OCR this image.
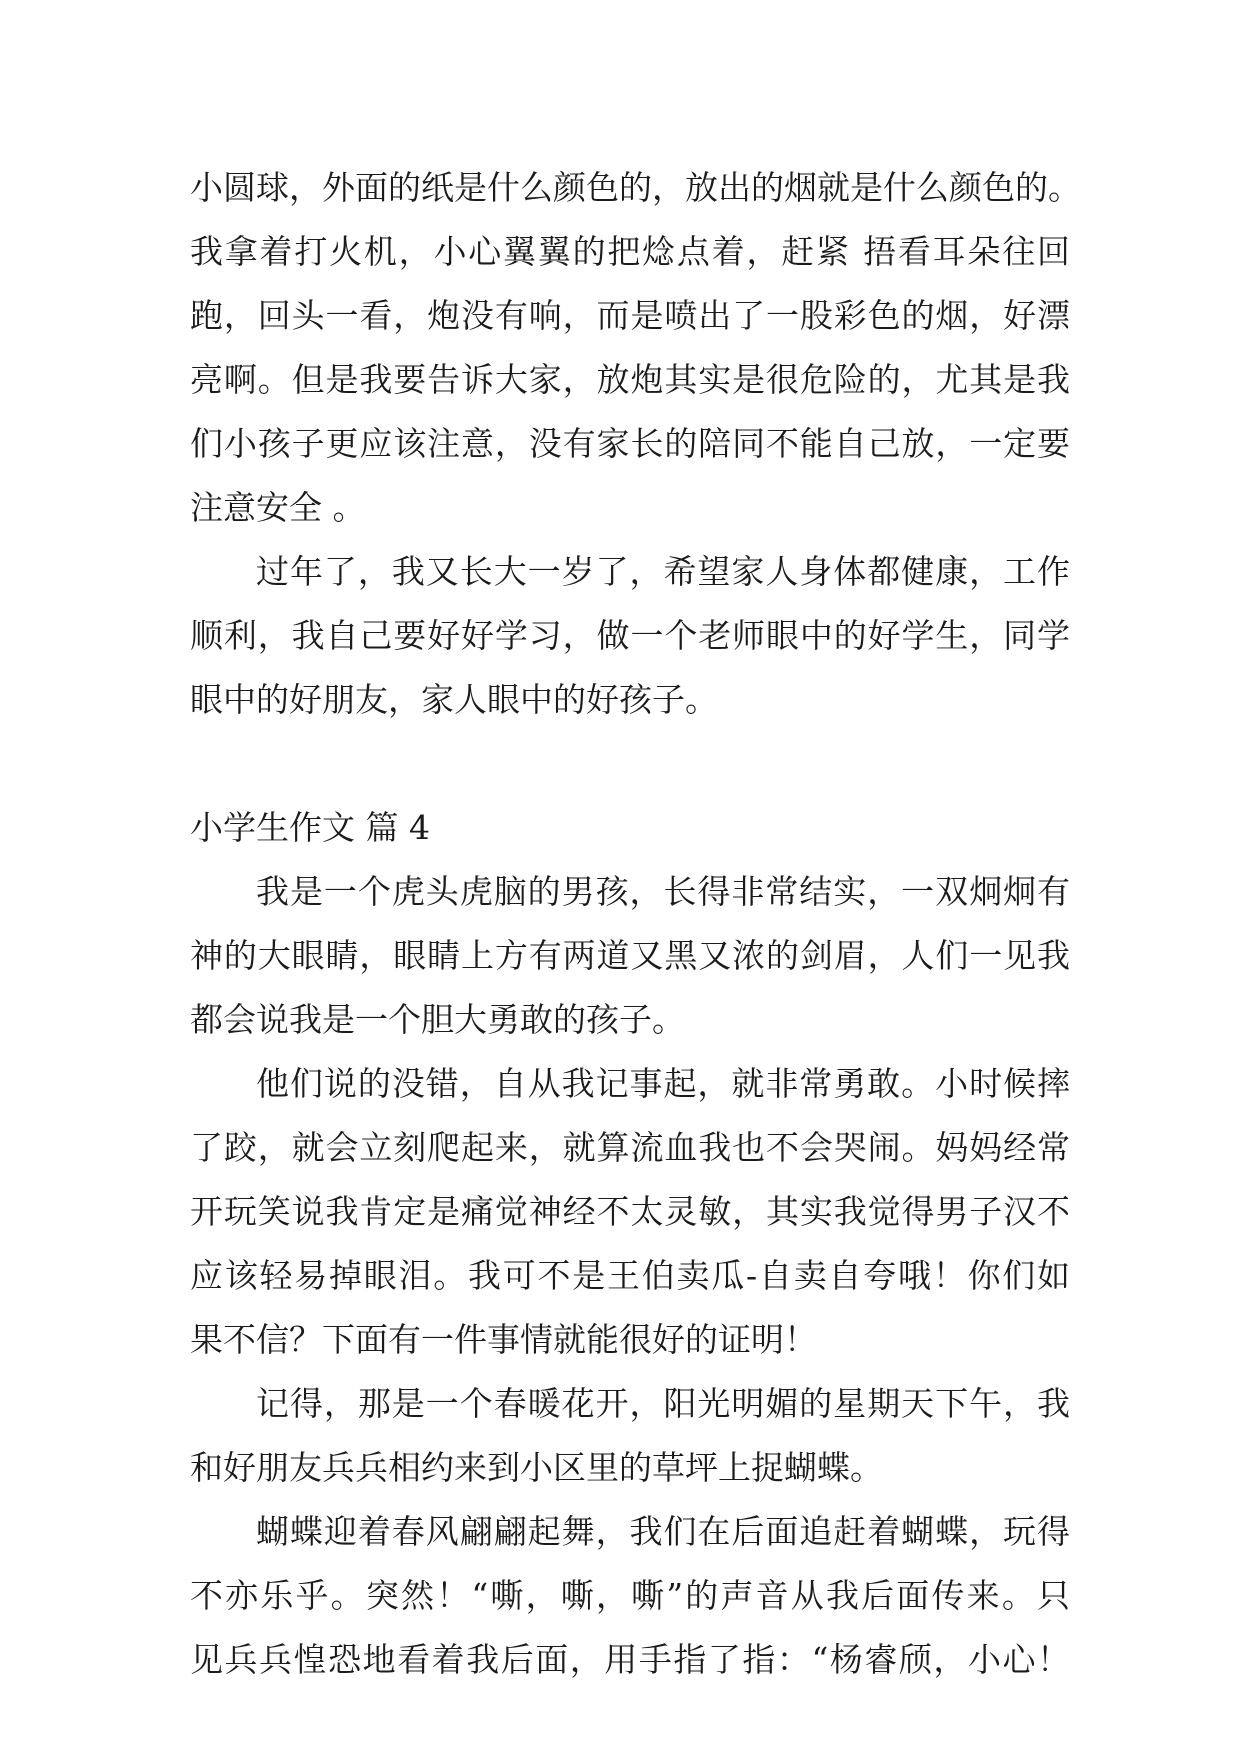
小圆球，外面的纸是什么颜色的，放出的烟就是什么颜色的。
我拿着打火机，小心翼翼的把焾点着，赶紧 捂看耳朵往回
跑，回头一看，炮没有响，而是喷出了一股彩色的烟，好漂
亮啊。但是我要告诉大家，放炮其实是很危险的，尤其是我
们小孩子更应该注意，没有家长的陪同不能自己放，一定要
注意安全 。
过年了，我又长大一岁了，希望家人身体都健康，工作
顺利，我自己要好好学习，做一个老师眼中的好学生，同学
眼中的好朋友，家人眼中的好孩子。
小学生作文 篇 4
我是一个虎头虎脑的男孩，长得非常结实，一双炯炯有
神的大眼睛，眼睛上方有两道又黑又浓的剑眉，人们一见我
都会说我是一个胆大勇敢的孩子。
他们说的没错，自从我记事起，就非常勇敢。小时候摔
了跤，就会立刻爬起来，就算流血我也不会哭闹。妈妈经常
开玩笑说我肯定是痛觉神经不太灵敏，其实我觉得男子汉不
应该轻易掉眼泪。我可不是王伯卖瓜-自卖自夸哦！你们如
果不信？下面有一件事情就能很好的证明！
记得，那是一个春暖花开，阳光明媚的星期天下午，我
和好朋友兵兵相约来到小区里的草坪上捉蝴蝶。
蝴蝶迎着春风翩翩起舞，我们在后面追赶着蝴蝶，玩得
不亦乐乎。突然！“嘶，嘶，嘶”的声音从我后面传来。只
见兵兵惶恐地看着我后面，用手指了指：“杨睿颀，小心！
